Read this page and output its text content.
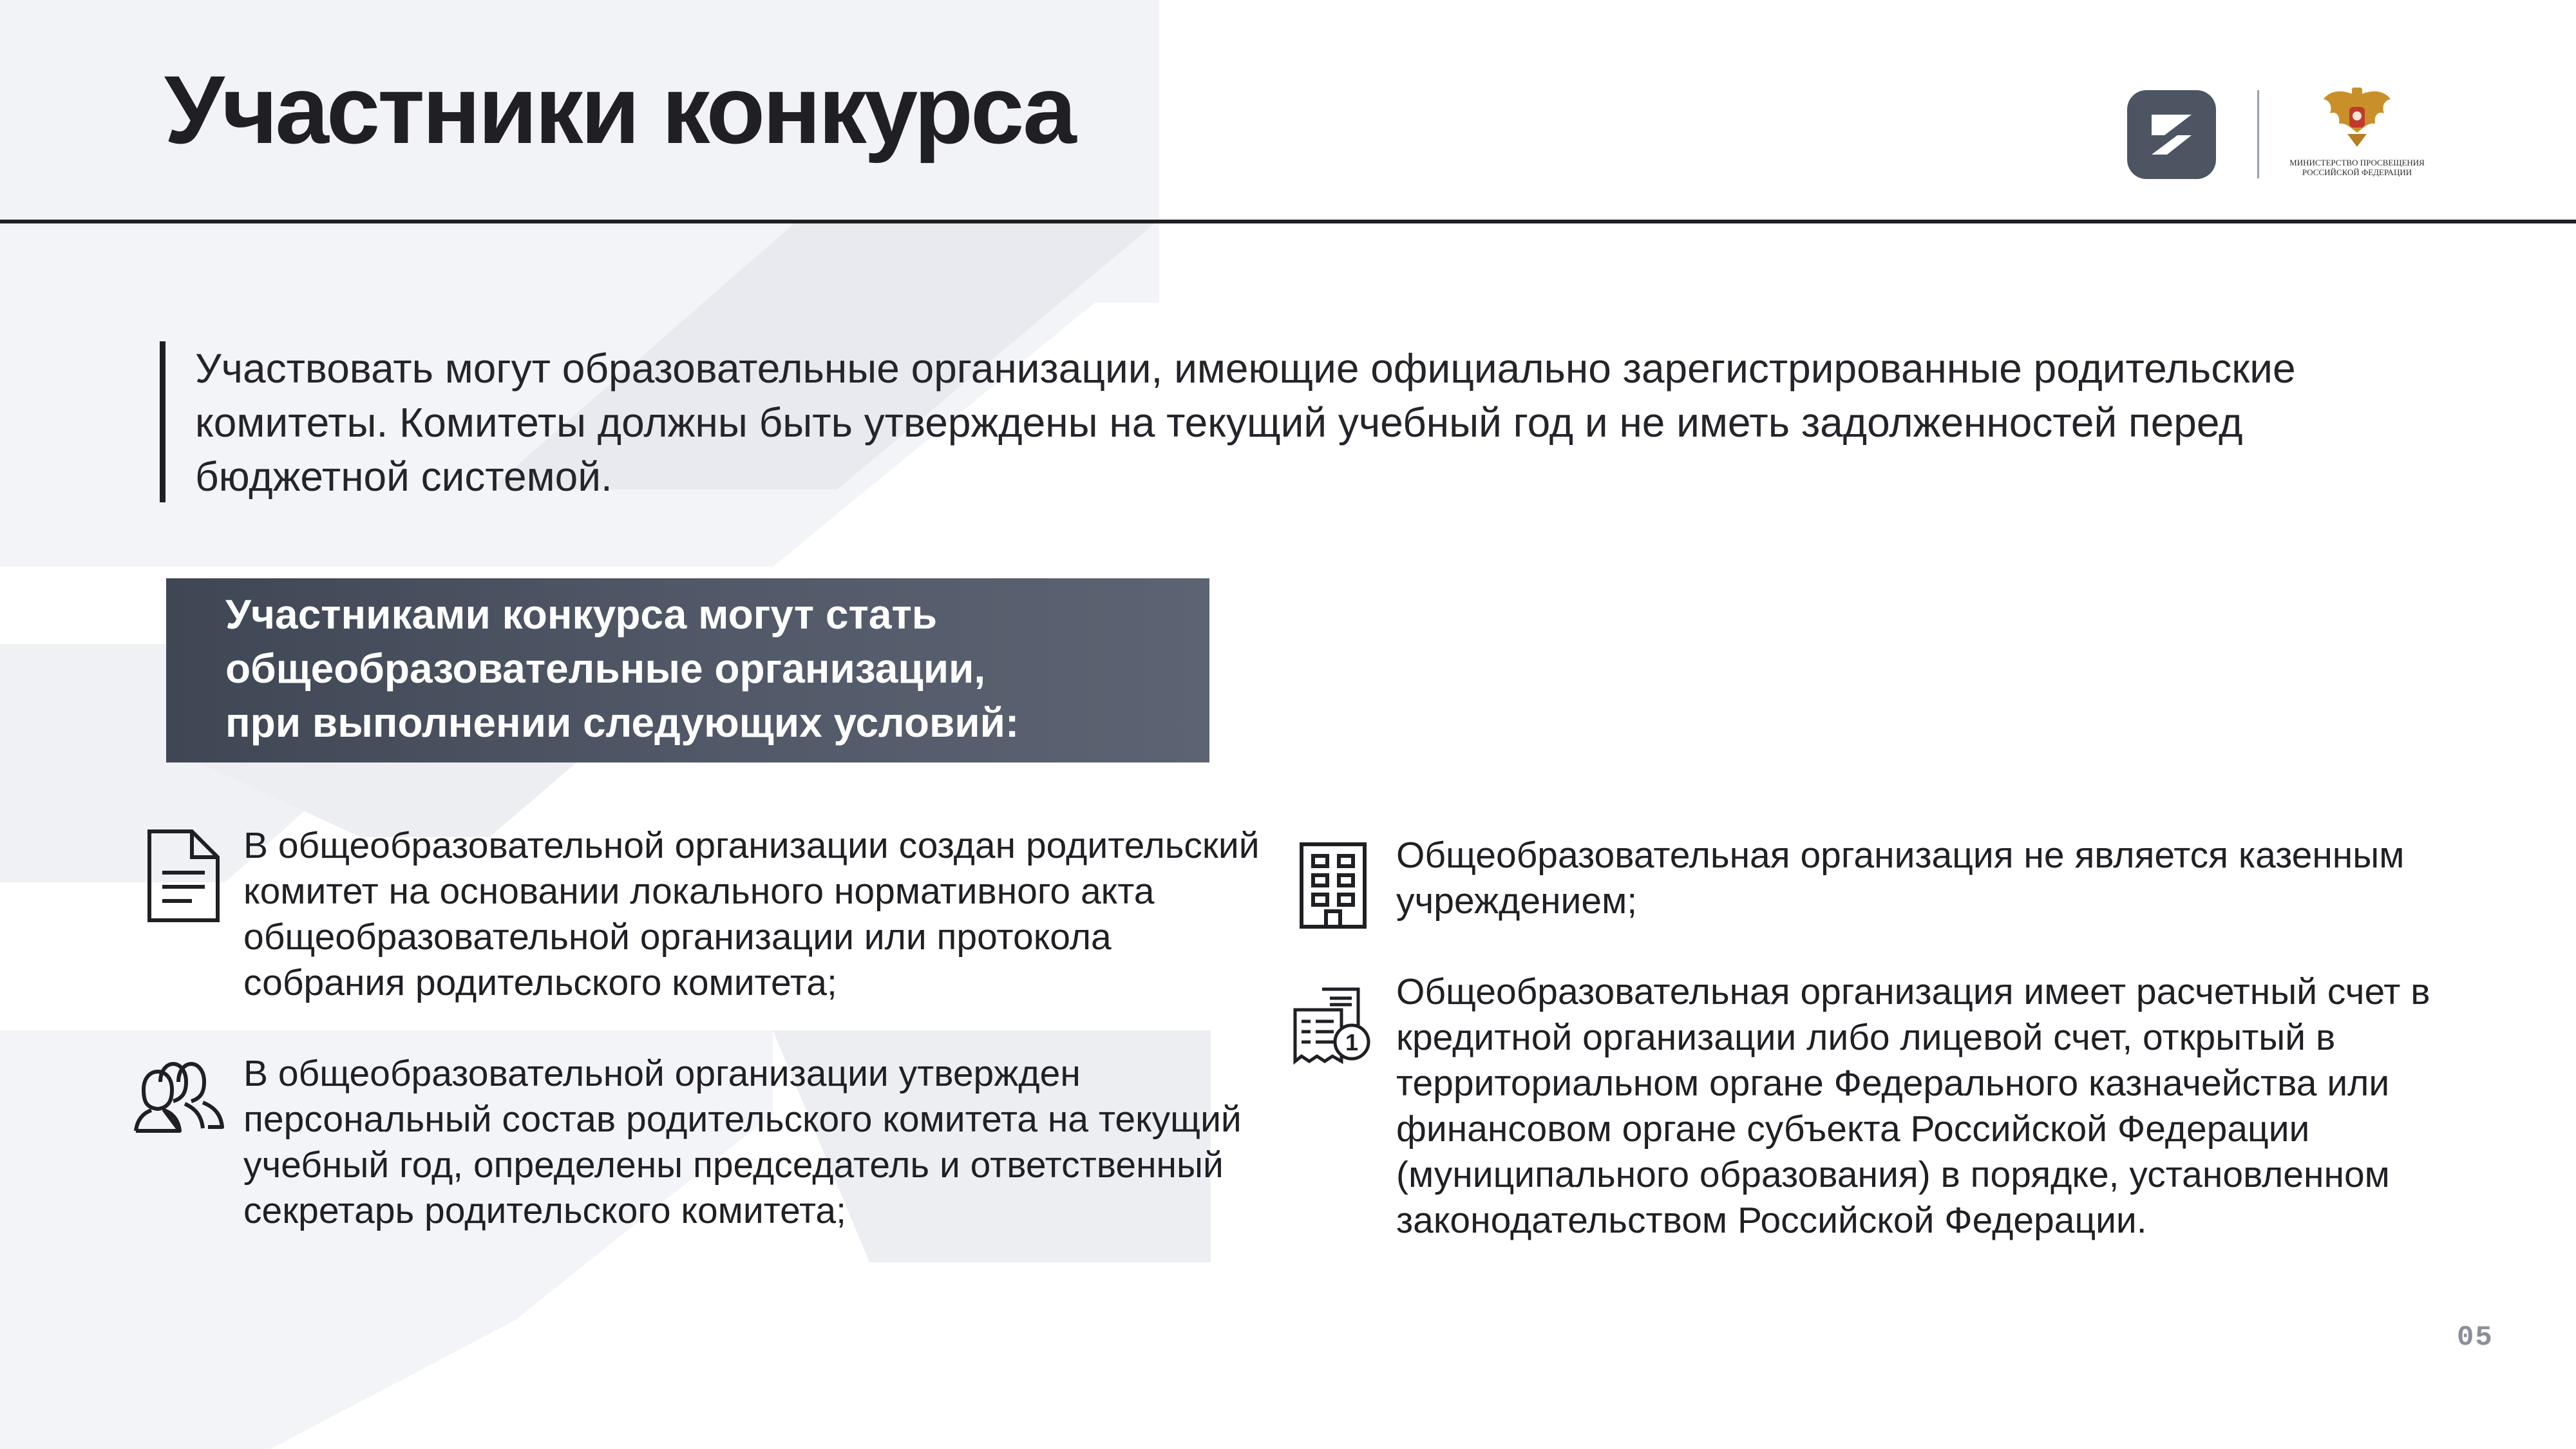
Участники конкурса	МИНИСТЕРСТВО ПРОСВЕЩЕНИЯ
РОССИЙСКОЙ ФЕДЕРАЦИИ
Участвовать могут образовательные организации, имеющие официально зарегистрированные родительские комитеты. Комитеты должны быть утверждены на текущий учебный год и не иметь задолженностей перед бюджетной системой.
Участниками конкурса могут стать
общеобразовательные организации,
при выполнении следующих условий:
В общеобразовательной организации создан родительский комитет на основании локального нормативного акта общеобразовательной организации или протокола собрания родительского комитета;
В общеобразовательной организации утвержден персональный состав родительского комитета на текущий учебный год, определены председатель и ответственный секретарь родительского комитета;
Общеобразовательная организация не является казенным учреждением;
1
Общеобразовательная организация имеет расчетный счет в кредитной организации либо лицевой счет, открытый в территориальном органе Федерального казначейства или финансовом органе субъекта Российской Федерации (муниципального образования) в порядке, установленном законодательством Российской Федерации.
05
